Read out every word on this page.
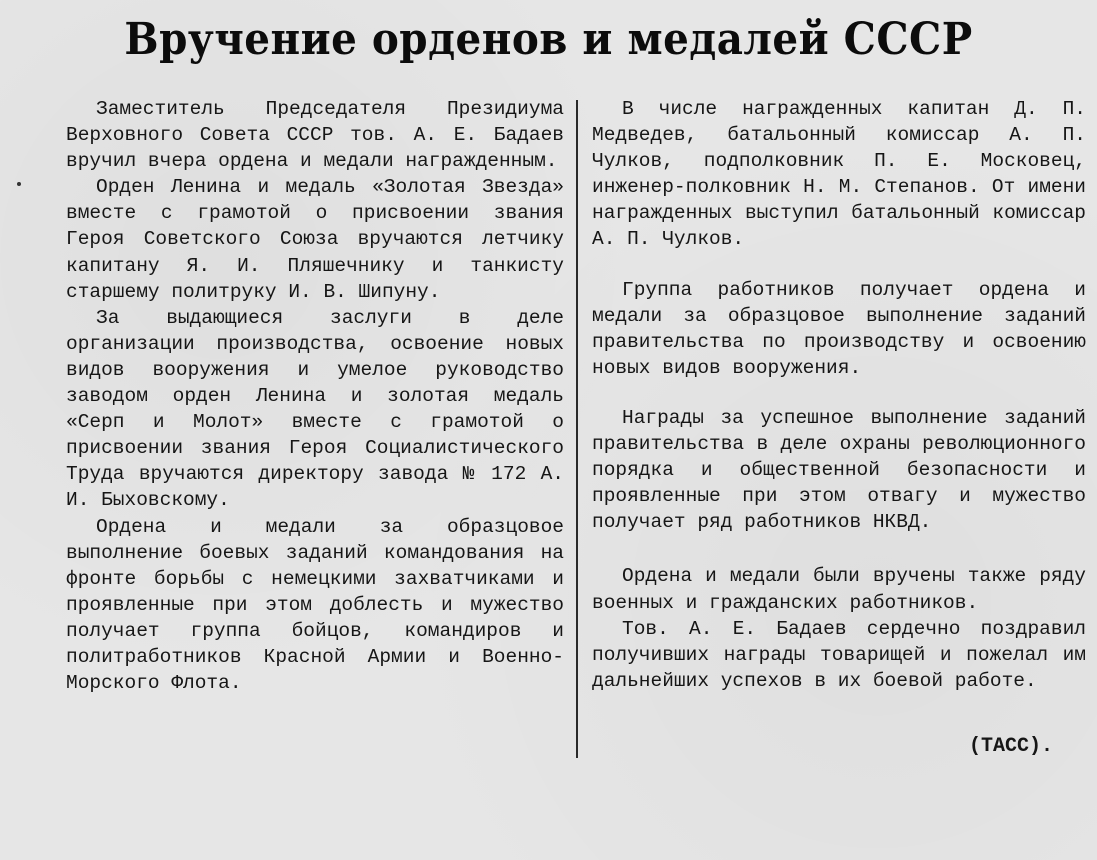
Вручение орденов и медалей СССР

Заместитель Председателя Президиума Верховного Совета СССР тов. А. Е. Бадаев вручил вчера ордена и медали награжденным.

Орден Ленина и медаль «Золотая Звезда» вместе с грамотой о присвоении звания Героя Советского Союза вручаются летчику капитану Я. И. Пляшечнику и танкисту старшему политруку И. В. Шипуну.

За выдающиеся заслуги в деле организации производства, освоение новых видов вооружения и умелое руководство заводом орден Ленина и золотая медаль «Серп и Молот» вместе с грамотой о присвоении звания Героя Социалистического Труда вручаются директору завода № 172 А. И. Быховскому.

Ордена и медали за образцовое выполнение боевых заданий командования на фронте борьбы с немецкими захватчиками и проявленные при этом доблесть и мужество получает группа бойцов, командиров и политработников Красной Армии и Военно-Морского Флота.

В числе награжденных капитан Д. П. Медведев, батальонный комиссар А. П. Чулков, подполковник П. Е. Московец, инженер-полковник Н. М. Степанов. От имени награжденных выступил батальонный комиссар А. П. Чулков.

Группа работников получает ордена и медали за образцовое выполнение заданий правительства по производству и освоению новых видов вооружения.

Награды за успешное выполнение заданий правительства в деле охраны революционного порядка и общественной безопасности и проявленные при этом отвагу и мужество получает ряд работников НКВД.

Ордена и медали были вручены также ряду военных и гражданских работников.

Тов. А. Е. Бадаев сердечно поздравил получивших награды товарищей и пожелал им дальнейших успехов в их боевой работе.

(ТАСС).
